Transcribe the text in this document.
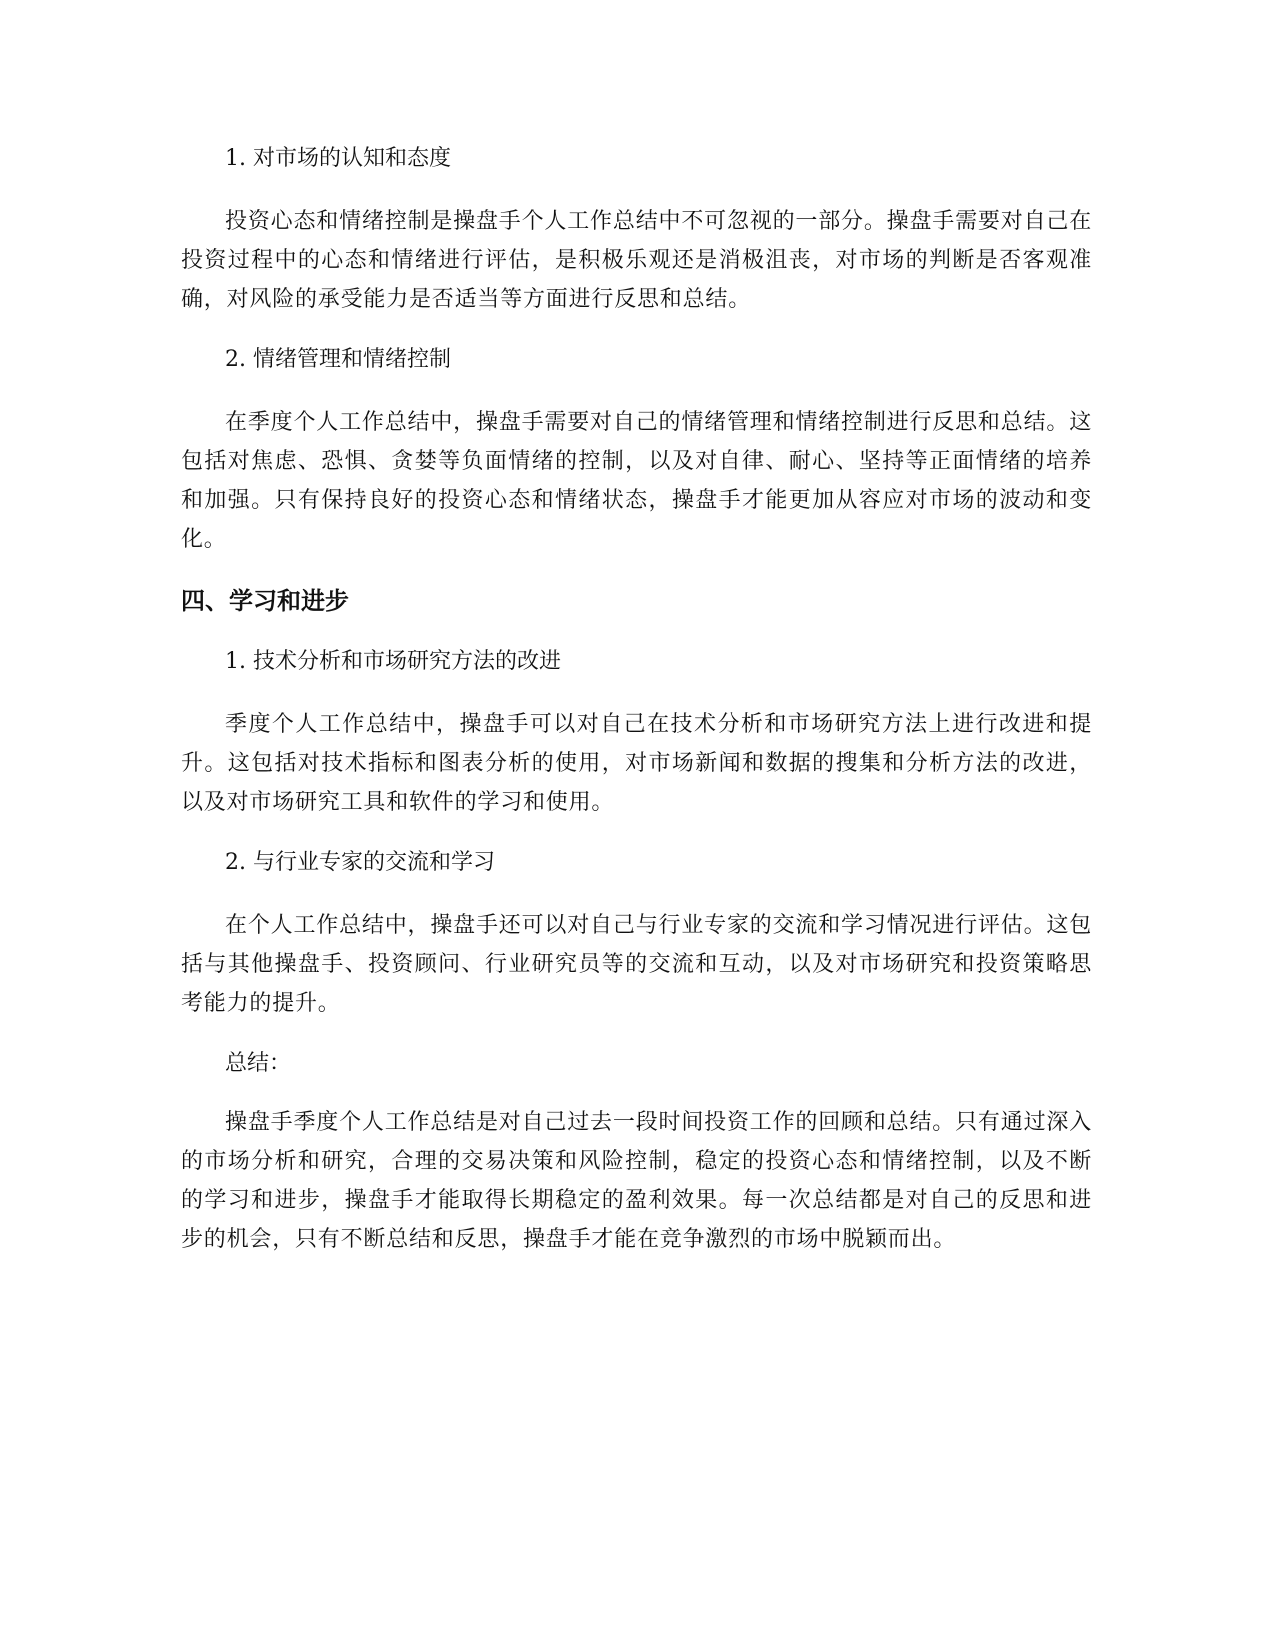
1. 对市场的认知和态度

投资心态和情绪控制是操盘手个人工作总结中不可忽视的一部分。操盘手需要对自己在投资过程中的心态和情绪进行评估，是积极乐观还是消极沮丧，对市场的判断是否客观准确，对风险的承受能力是否适当等方面进行反思和总结。

2. 情绪管理和情绪控制

在季度个人工作总结中，操盘手需要对自己的情绪管理和情绪控制进行反思和总结。这包括对焦虑、恐惧、贪婪等负面情绪的控制，以及对自律、耐心、坚持等正面情绪的培养和加强。只有保持良好的投资心态和情绪状态，操盘手才能更加从容应对市场的波动和变化。

四、学习和进步

1. 技术分析和市场研究方法的改进

季度个人工作总结中，操盘手可以对自己在技术分析和市场研究方法上进行改进和提升。这包括对技术指标和图表分析的使用，对市场新闻和数据的搜集和分析方法的改进，以及对市场研究工具和软件的学习和使用。

2. 与行业专家的交流和学习

在个人工作总结中，操盘手还可以对自己与行业专家的交流和学习情况进行评估。这包括与其他操盘手、投资顾问、行业研究员等的交流和互动，以及对市场研究和投资策略思考能力的提升。

总结：

操盘手季度个人工作总结是对自己过去一段时间投资工作的回顾和总结。只有通过深入的市场分析和研究，合理的交易决策和风险控制，稳定的投资心态和情绪控制，以及不断的学习和进步，操盘手才能取得长期稳定的盈利效果。每一次总结都是对自己的反思和进步的机会，只有不断总结和反思，操盘手才能在竞争激烈的市场中脱颖而出。
